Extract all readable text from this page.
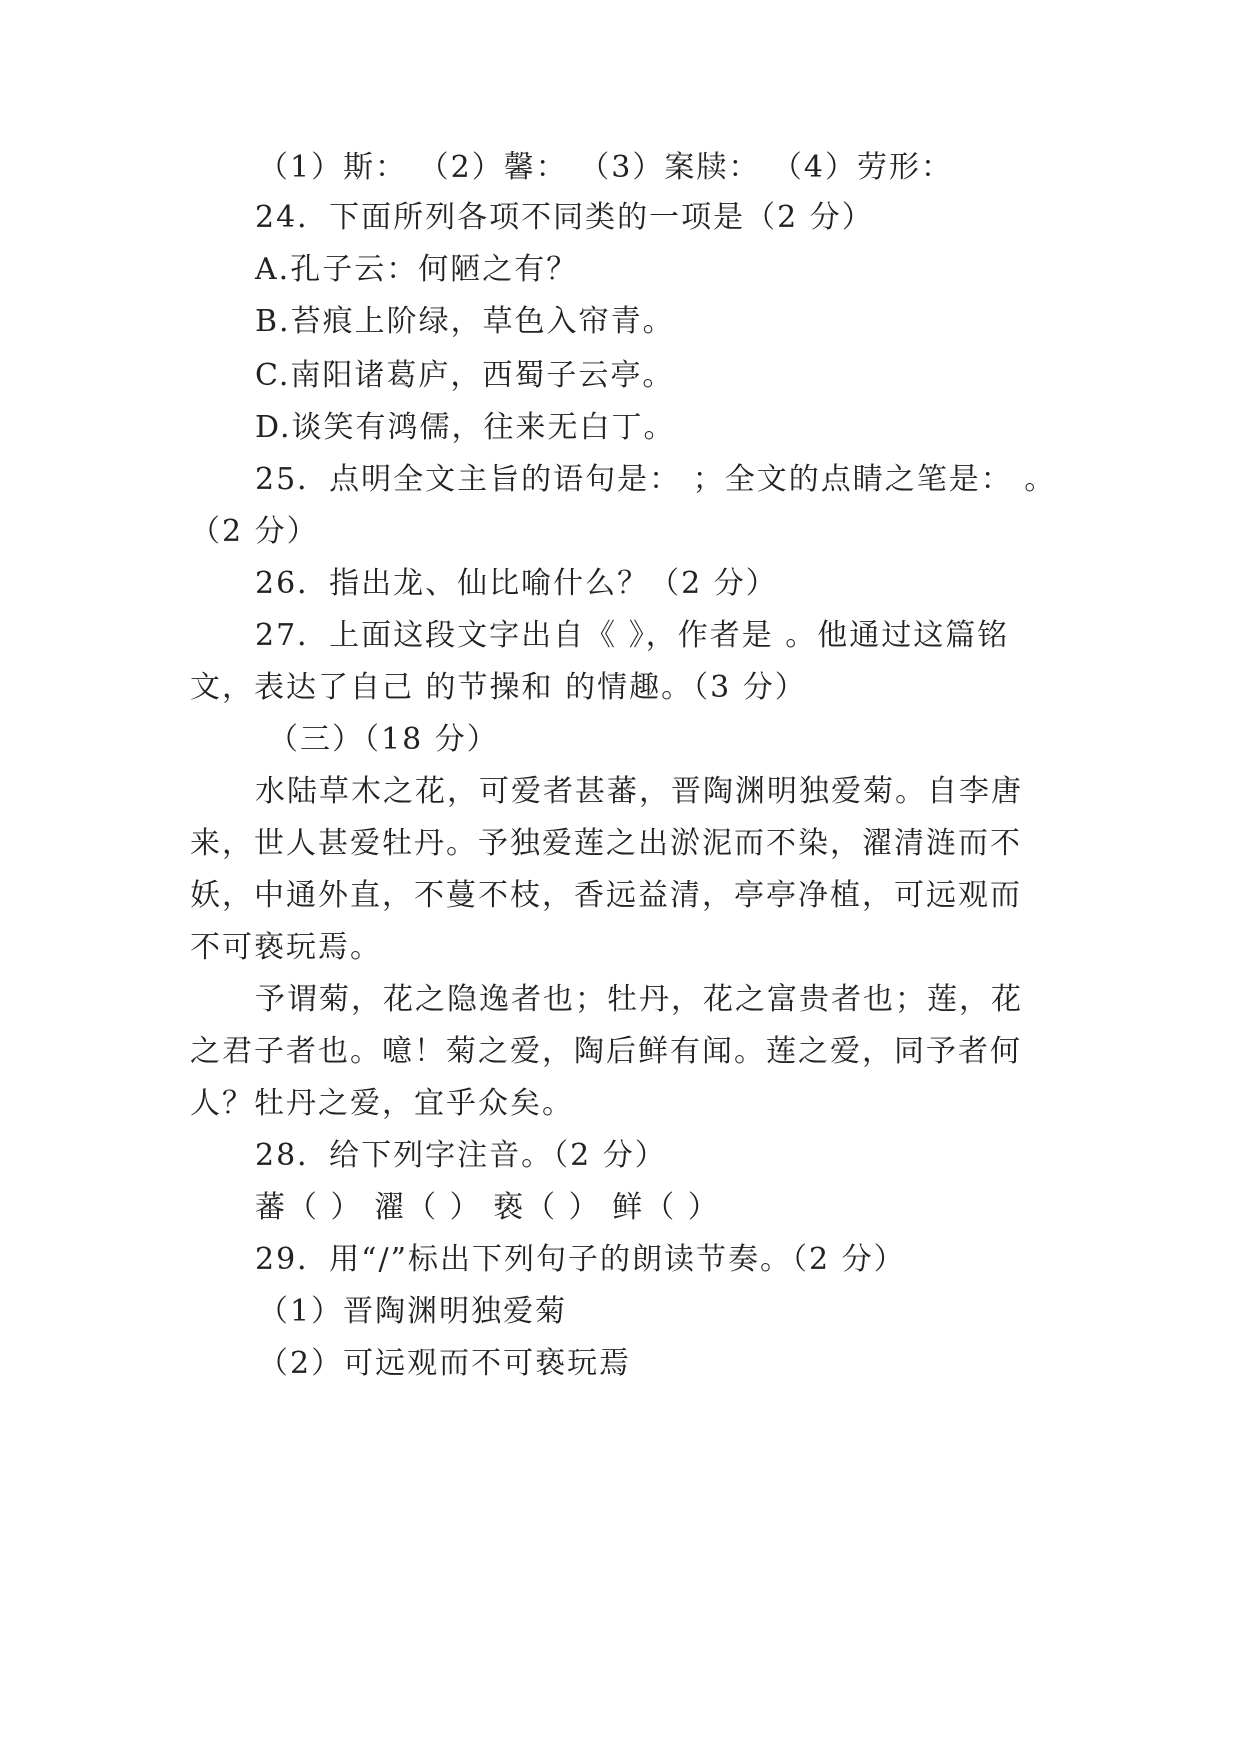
（1）斯： （2）馨： （3）案牍： （4）劳形：
24．下面所列各项不同类的一项是（2 分）
A.孔子云：何陋之有？
B.苔痕上阶绿，草色入帘青。
C.南阳诸葛庐，西蜀子云亭。
D.谈笑有鸿儒，往来无白丁。
25．点明全文主旨的语句是： ；全文的点睛之笔是： 。
（2 分）
26．指出龙、仙比喻什么？（2 分）
27．上面这段文字出自《 》，作者是 。他通过这篇铭
文，表达了自己 的节操和 的情趣。（3 分）
（三）（18 分）
水陆草木之花，可爱者甚蕃，晋陶渊明独爱菊。自李唐
来，世人甚爱牡丹。予独爱莲之出淤泥而不染，濯清涟而不
妖，中通外直，不蔓不枝，香远益清，亭亭净植，可远观而
不可亵玩焉。
予谓菊，花之隐逸者也；牡丹，花之富贵者也；莲，花
之君子者也。噫！菊之爱，陶后鲜有闻。莲之爱，同予者何
人？牡丹之爱，宜乎众矣。
28．给下列字注音。（2 分）
蕃（ ） 濯（ ） 亵（ ） 鲜（ ）
29．用“/”标出下列句子的朗读节奏。（2 分）
（1）晋陶渊明独爱菊
（2）可远观而不可亵玩焉
